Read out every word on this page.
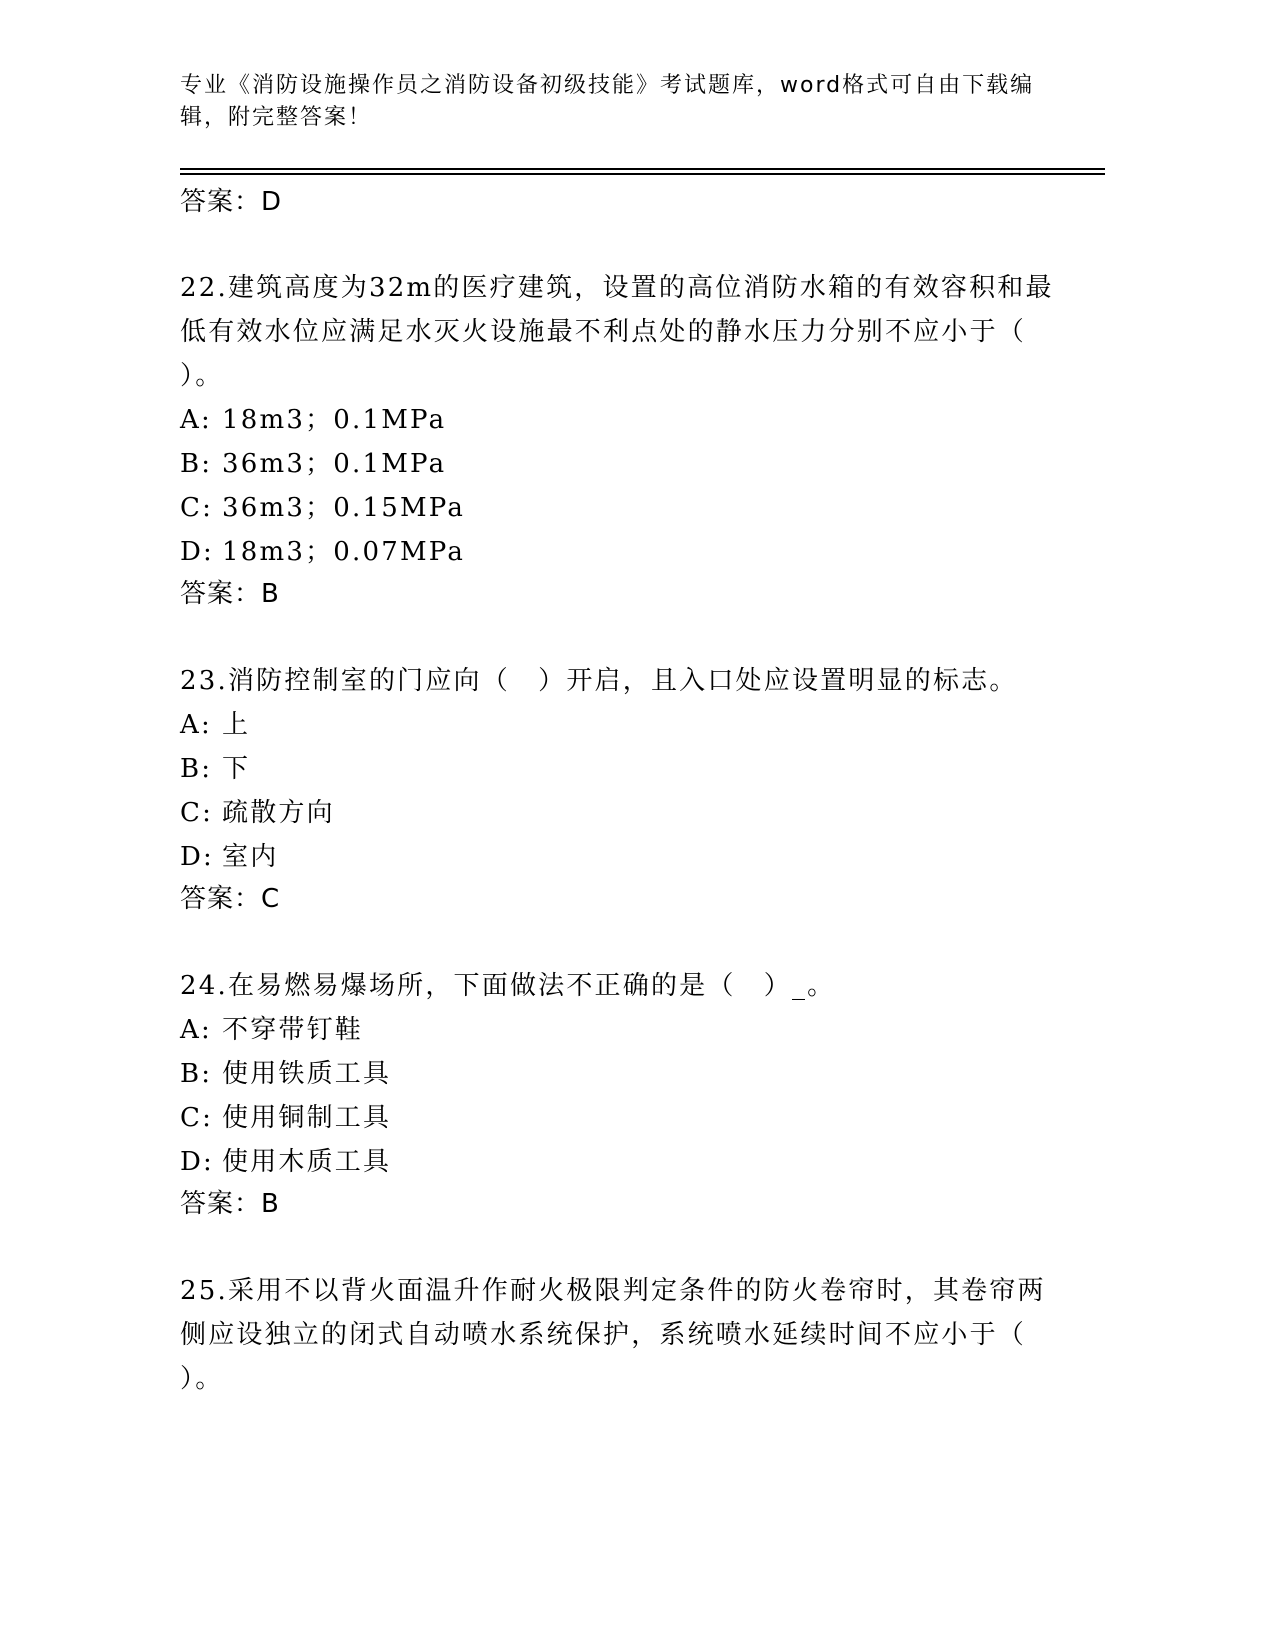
专业《消防设施操作员之消防设备初级技能》考试题库，word格式可自由下载编
辑，附完整答案！
答案：D
22.建筑高度为32m的医疗建筑，设置的高位消防水箱的有效容积和最
低有效水位应满足水灭火设施最不利点处的静水压力分别不应小于（
）。
A: 18m3；0.1MPa
B: 36m3；0.1MPa
C: 36m3；0.15MPa
D: 18m3；0.07MPa
答案：B
23.消防控制室的门应向（　）开启，且入口处应设置明显的标志。
A: 上
B: 下
C: 疏散方向
D: 室内
答案：C
24.在易燃易爆场所，下面做法不正确的是（　）_。
A: 不穿带钉鞋
B: 使用铁质工具
C: 使用铜制工具
D: 使用木质工具
答案：B
25.采用不以背火面温升作耐火极限判定条件的防火卷帘时，其卷帘两
侧应设独立的闭式自动喷水系统保护，系统喷水延续时间不应小于（
）。
